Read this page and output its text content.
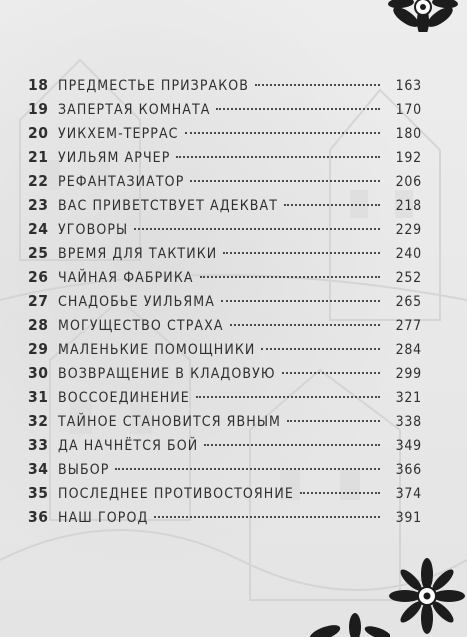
18 ПРЕДМЕСТЬЕ ПРИЗРАКОВ	163
19 ЗАПЕРТАЯ КОМНАТА	170
20 УИКХЕМ-ТЕРРАС	180
21 УИЛЬЯМ АРЧЕР	192
22 РЕФАНТАЗИАТОР	206
23 ВАС ПРИВЕТСТВУЕТ АДЕКВАТ	218
24 УГОВОРЫ	229
25 ВРЕМЯ ДЛЯ ТАКТИКИ	240
26 ЧАЙНАЯ ФАБРИКА	252
27 СНАДОБЬЕ УИЛЬЯМА	265
28 МОГУЩЕСТВО СТРАХА	277
29 МАЛЕНЬКИЕ ПОМОЩНИКИ	284
30 ВОЗВРАЩЕНИЕ В КЛАДОВУЮ	299
31 ВОССОЕДИНЕНИЕ	321
32 ТАЙНОЕ СТАНОВИТСЯ ЯВНЫМ	338
33 ДА НАЧНЁТСЯ БОЙ	349
34 ВЫБОР	366
35 ПОСЛЕДНЕЕ ПРОТИВОСТОЯНИЕ	374
36 НАШ ГОРОД	391
